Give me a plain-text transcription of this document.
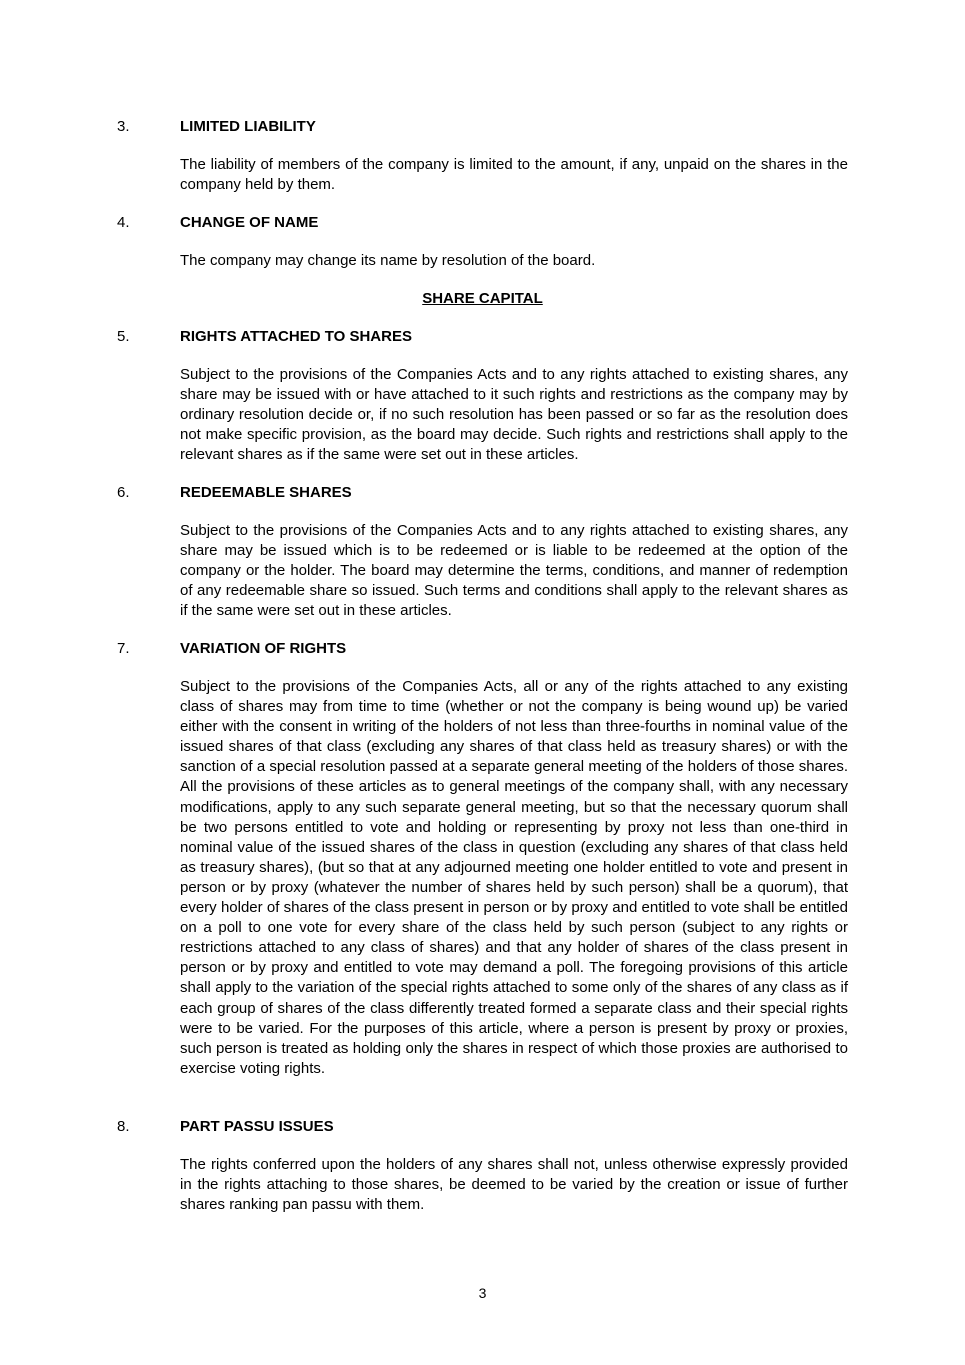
3.	LIMITED LIABILITY
The liability of members of the company is limited to the amount, if any, unpaid on the shares in the company held by them.
4.	CHANGE OF NAME
The company may change its name by resolution of the board.
SHARE CAPITAL
5.	RIGHTS ATTACHED TO SHARES
Subject to the provisions of the Companies Acts and to any rights attached to existing shares, any share may be issued with or have attached to it such rights and restrictions as the company may by ordinary resolution decide or, if no such resolution has been passed or so far as the resolution does not make specific provision, as the board may decide. Such rights and restrictions shall apply to the relevant shares as if the same were set out in these articles.
6.	REDEEMABLE SHARES
Subject to the provisions of the Companies Acts and to any rights attached to existing shares, any share may be issued which is to be redeemed or is liable to be redeemed at the option of the company or the holder. The board may determine the terms, conditions, and manner of redemption of any redeemable share so issued. Such terms and conditions shall apply to the relevant shares as if the same were set out in these articles.
7.	VARIATION OF RIGHTS
Subject to the provisions of the Companies Acts, all or any of the rights attached to any existing class of shares may from time to time (whether or not the company is being wound up) be varied either with the consent in writing of the holders of not less than three-fourths in nominal value of the issued shares of that class (excluding any shares of that class held as treasury shares) or with the sanction of a special resolution passed at a separate general meeting of the holders of those shares. All the provisions of these articles as to general meetings of the company shall, with any necessary modifications, apply to any such separate general meeting, but so that the necessary quorum shall be two persons entitled to vote and holding or representing by proxy not less than one-third in nominal value of the issued shares of the class in question (excluding any shares of that class held as treasury shares), (but so that at any adjourned meeting one holder entitled to vote and present in person or by proxy (whatever the number of shares held by such person) shall be a quorum), that every holder of shares of the class present in person or by proxy and entitled to vote shall be entitled on a poll to one vote for every share of the class held by such person (subject to any rights or restrictions attached to any class of shares) and that any holder of shares of the class present in person or by proxy and entitled to vote may demand a poll. The foregoing provisions of this article shall apply to the variation of the special rights attached to some only of the shares of any class as if each group of shares of the class differently treated formed a separate class and their special rights were to be varied. For the purposes of this article, where a person is present by proxy or proxies, such person is treated as holding only the shares in respect of which those proxies are authorised to exercise voting rights.
8.	PART PASSU ISSUES
The rights conferred upon the holders of any shares shall not, unless otherwise expressly provided in the rights attaching to those shares, be deemed to be varied by the creation or issue of further shares ranking pan passu with them.
3
